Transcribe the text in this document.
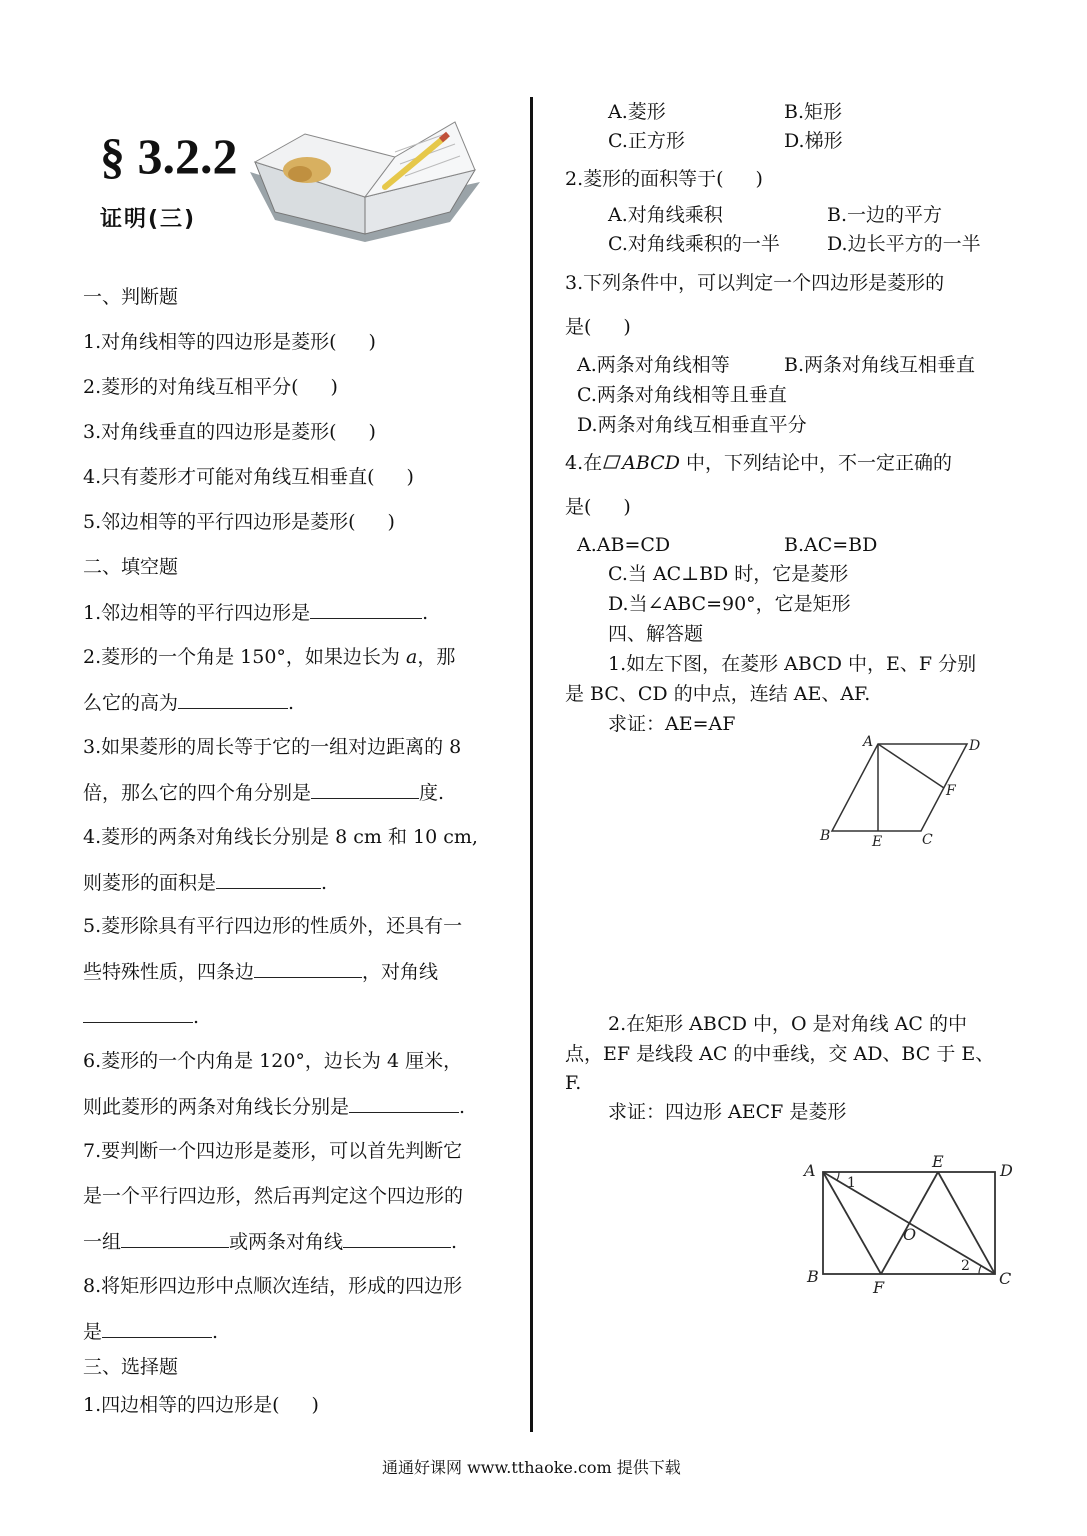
§ 3.2.2
证明(三)
一、判断题
1.对角线相等的四边形是菱形( )
2.菱形的对角线互相平分( )
3.对角线垂直的四边形是菱形( )
4.只有菱形才可能对角线互相垂直( )
5.邻边相等的平行四边形是菱形( )
二、填空题
1.邻边相等的平行四边形是	.
2.菱形的一个角是 150°，如果边长为 a，那
么它的高为	.
3.如果菱形的周长等于它的一组对边距离的 8
倍，那么它的四个角分别是	度.
4.菱形的两条对角线长分别是 8 cm 和 10 cm,
则菱形的面积是	.
5.菱形除具有平行四边形的性质外，还具有一
些特殊性质，四条边	，对角线
.
6.菱形的一个内角是 120°，边长为 4 厘米，
则此菱形的两条对角线长分别是	.
7.要判断一个四边形是菱形，可以首先判断它
是一个平行四边形，然后再判定这个四边形的
一组	或两条对角线	.
8.将矩形四边形中点顺次连结，形成的四边形
是	.
三、选择题
1.四边相等的四边形是( )
A.菱形	B.矩形
C.正方形	D.梯形
2.菱形的面积等于( )
A.对角线乘积	B.一边的平方
C.对角线乘积的一半 D.边长平方的一半
3.下列条件中，可以判定一个四边形是菱形的
是( )
A.两条对角线相等	B.两条对角线互相垂直
C.两条对角线相等且垂直
D.两条对角线互相垂直平分
4.在 ABCD 中，下列结论中，不一定正确的
是( )
A.AB=CD	B.AC=BD
C.当 AC⊥BD 时，它是菱形
D.当∠ABC=90°，它是矩形
四、解答题
1.如左下图，在菱形 ABCD 中，E、F 分别
是 BC、CD 的中点，连结 AE、AF.
求证：AE=AF
A	D
F
B	E	C
2.在矩形 ABCD 中，O 是对角线 AC 的中
点，EF 是线段 AC 的中垂线，交 AD、BC 于 E、
F.
求证：四边形 AECF 是菱形
A	E	D
O
B
F	C
1
2
通通好课网 www.tthaoke.com 提供下载
